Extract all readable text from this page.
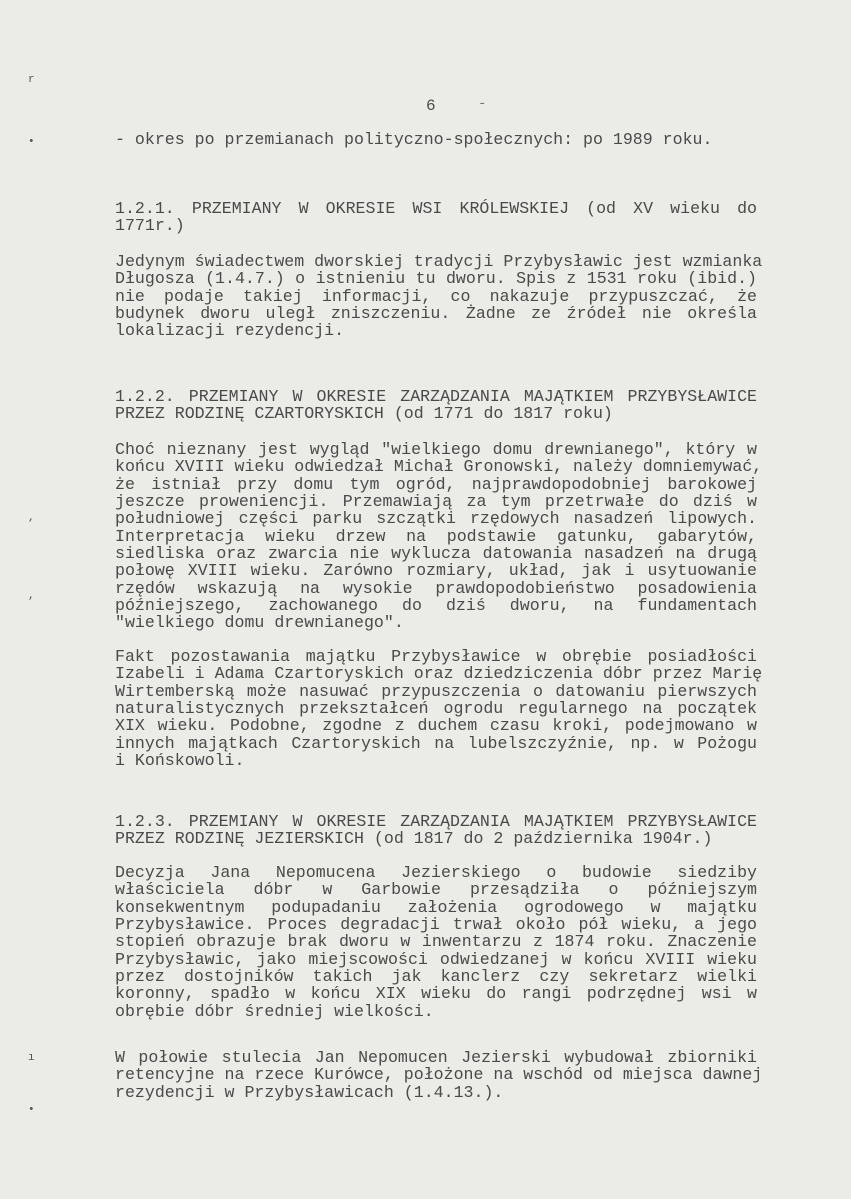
6	-
r
•
,
,
ı
•
- okres po przemianach polityczno-społecznych: po 1989 roku.
1.2.1. PRZEMIANY W OKRESIE WSI KRÓLEWSKIEJ (od XV wieku do
1771r.)
Jedynym świadectwem dworskiej tradycji Przybysławic jest wzmianka
Długosza (1.4.7.) o istnieniu tu dworu. Spis z 1531 roku (ibid.)
nie podaje takiej informacji, co nakazuje przypuszczać, że
budynek dworu uległ zniszczeniu. Żadne ze źródeł nie określa
lokalizacji rezydencji.
1.2.2. PRZEMIANY W OKRESIE ZARZĄDZANIA MAJĄTKIEM PRZYBYSŁAWICE
PRZEZ RODZINĘ CZARTORYSKICH (od 1771 do 1817 roku)
Choć nieznany jest wygląd "wielkiego domu drewnianego", który w
końcu XVIII wieku odwiedzał Michał Gronowski, należy domniemywać,
że istniał przy domu tym ogród, najprawdopodobniej barokowej
jeszcze proweniencji. Przemawiają za tym przetrwałe do dziś w
południowej części parku szczątki rzędowych nasadzeń lipowych.
Interpretacja wieku drzew na podstawie gatunku, gabarytów,
siedliska oraz zwarcia nie wyklucza datowania nasadzeń na drugą
połowę XVIII wieku. Zarówno rozmiary, układ, jak i usytuowanie
rzędów wskazują na wysokie prawdopodobieństwo posadowienia
późniejszego, zachowanego do dziś dworu, na fundamentach
"wielkiego domu drewnianego".
Fakt pozostawania majątku Przybysławice w obrębie posiadłości
Izabeli i Adama Czartoryskich oraz dziedziczenia dóbr przez Marię
Wirtemberską może nasuwać przypuszczenia o datowaniu pierwszych
naturalistycznych przekształceń ogrodu regularnego na początek
XIX wieku. Podobne, zgodne z duchem czasu kroki, podejmowano w
innych majątkach Czartoryskich na lubelszczyźnie, np. w Pożogu
i Końskowoli.
1.2.3. PRZEMIANY W OKRESIE ZARZĄDZANIA MAJĄTKIEM PRZYBYSŁAWICE
PRZEZ RODZINĘ JEZIERSKICH (od 1817 do 2 października 1904r.)
Decyzja Jana Nepomucena Jezierskiego o budowie siedziby
właściciela dóbr w Garbowie przesądziła o późniejszym
konsekwentnym podupadaniu założenia ogrodowego w majątku
Przybysławice. Proces degradacji trwał około pół wieku, a jego
stopień obrazuje brak dworu w inwentarzu z 1874 roku. Znaczenie
Przybysławic, jako miejscowości odwiedzanej w końcu XVIII wieku
przez dostojników takich jak kanclerz czy sekretarz wielki
koronny, spadło w końcu XIX wieku do rangi podrzędnej wsi w
obrębie dóbr średniej wielkości.
W połowie stulecia Jan Nepomucen Jezierski wybudował zbiorniki
retencyjne na rzece Kurówce, położone na wschód od miejsca dawnej
rezydencji w Przybysławicach (1.4.13.).
